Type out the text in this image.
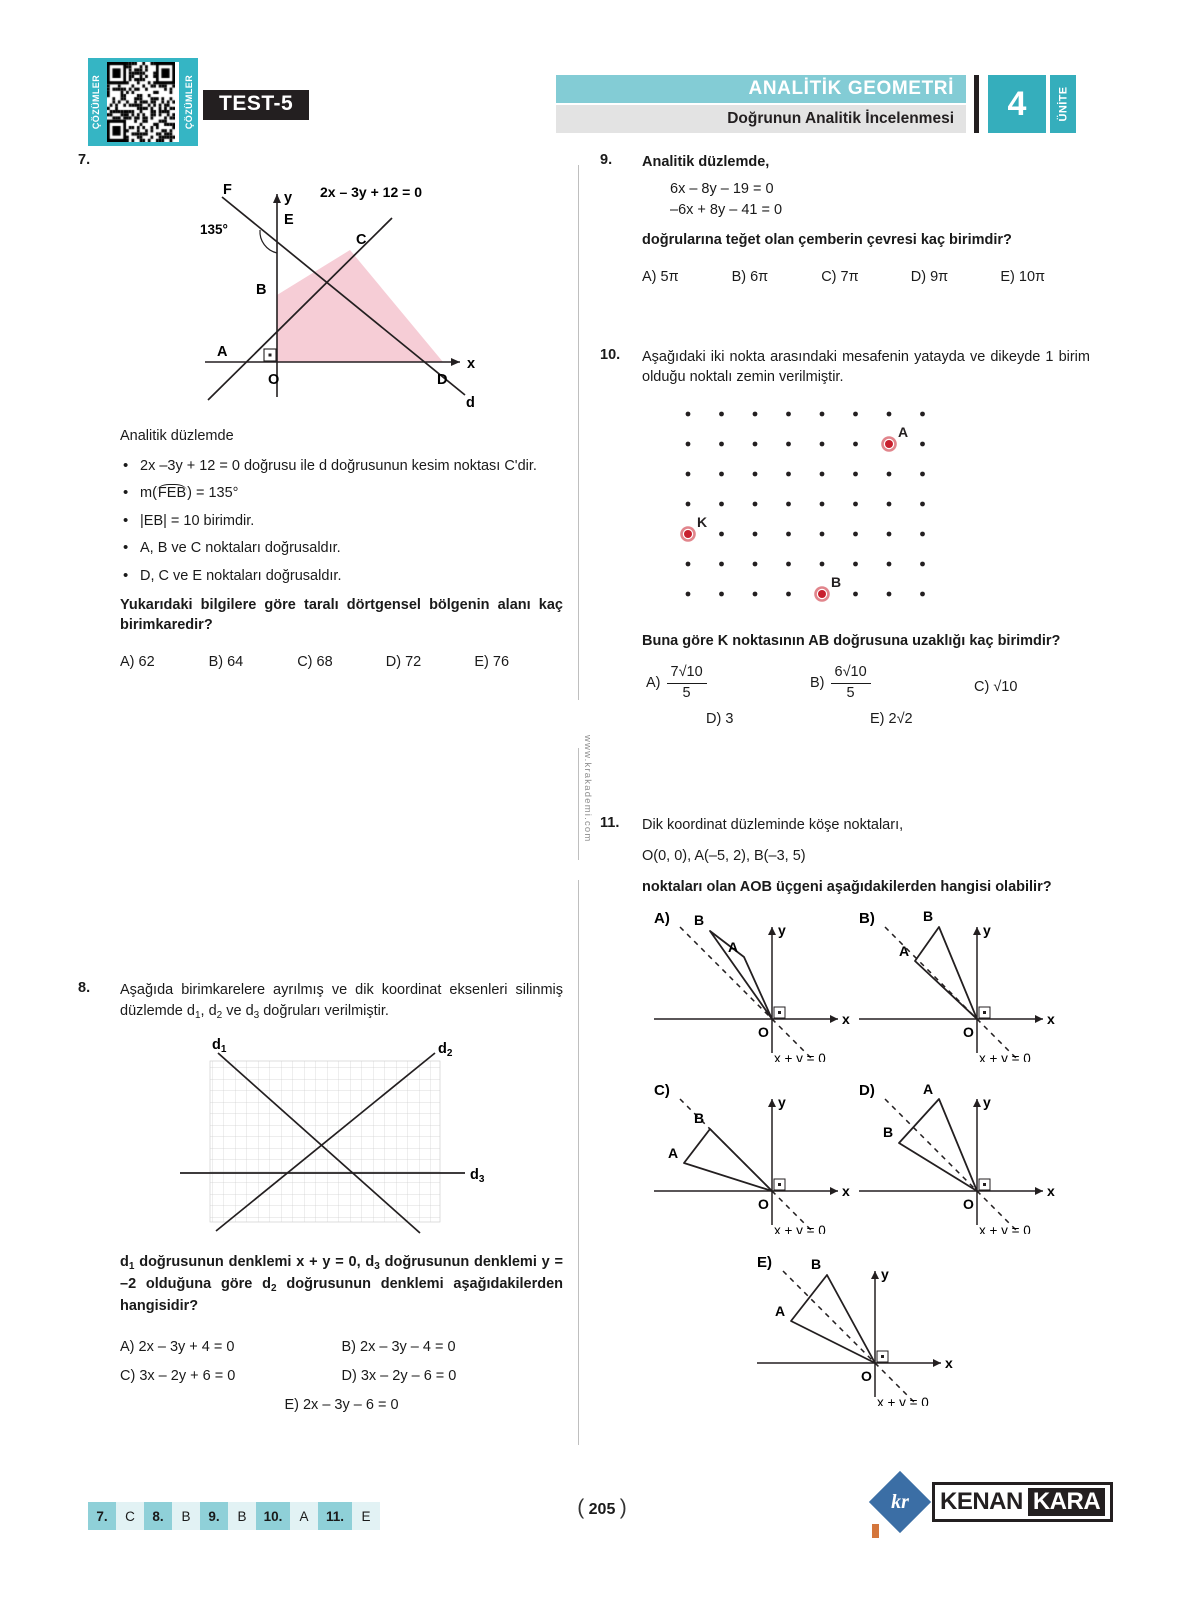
ÇÖZÜMLER	ÇÖZÜMLER TEST-5
ANALİTİK GEOMETRİ
Doğrunun Analitik İncelenmesi	4	ÜNİTE
www.krakademi.com
7.
F
E
135°
C
B
A
O	D
d
x
y 2x – 3y + 12 = 0
Analitik düzlemde
• 2x –3y + 12 = 0 doğrusu ile d doğrusunun kesim noktası C'dir.
• m(FEB) = 135°
• |EB| = 10 birimdir.
• A, B ve C noktaları doğrusaldır.
• D, C ve E noktaları doğrusaldır.
Yukarıdaki bilgilere göre taralı dörtgensel bölgenin alanı kaç birimkaredir?
A) 62	B) 64	C) 68	D) 72	E) 76
8. Aşağıda birimkarelere ayrılmış ve dik koordinat eksenleri silinmiş düzlemde $d_1$, $d_2$ ve $d_3$ doğruları verilmiştir.
$d_1$	$d_2$
$d_3$
$d_1$ doğrusunun denklemi x + y = 0, $d_3$ doğrusunun denklemi y = –2 olduğuna göre $d_2$ doğrusunun denklemi aşağıdakilerden hangisidir?
A) 2x – 3y + 4 = 0	B) 2x – 3y – 4 = 0
C) 3x – 2y + 6 = 0	D) 3x – 2y – 6 = 0
E) 2x – 3y – 6 = 0
9. Analitik düzlemde,
6x – 8y – 19 = 0
–6x + 8y – 41 = 0
doğrularına teğet olan çemberin çevresi kaç birimdir?
A) 5π	B) 6π	C) 7π	D) 9π	E) 10π
10. Aşağıdaki iki nokta arasındaki mesafenin yatayda ve dikeyde 1 birim olduğu noktalı zemin verilmiştir.
A
K
B
Buna göre K noktasının AB doğrusuna uzaklığı kaç birimdir?
$A) \frac{7√10}{5}$	$B) \frac{6√10}{5}$	C) √10
D) 3	E) 2√2
11. Dik koordinat düzleminde köşe noktaları,
O(0, 0), A(–5, 2), B(–3, 5)
noktaları olan AOB üçgeni aşağıdakilerden hangisi olabilir?
A)
A
B
O
x
y
x + y = 0
B)
A
B
O
x
y
x + y = 0
C)
A
B
O
x
y
x + y = 0
D)	A
B
O
x
y
x + y = 0
E)
A
B
O
x
y
x + y = 0
7.	C	8.	B	9.	B	10.	A	11.	E	( 205 )	kr	KENAN KARA
